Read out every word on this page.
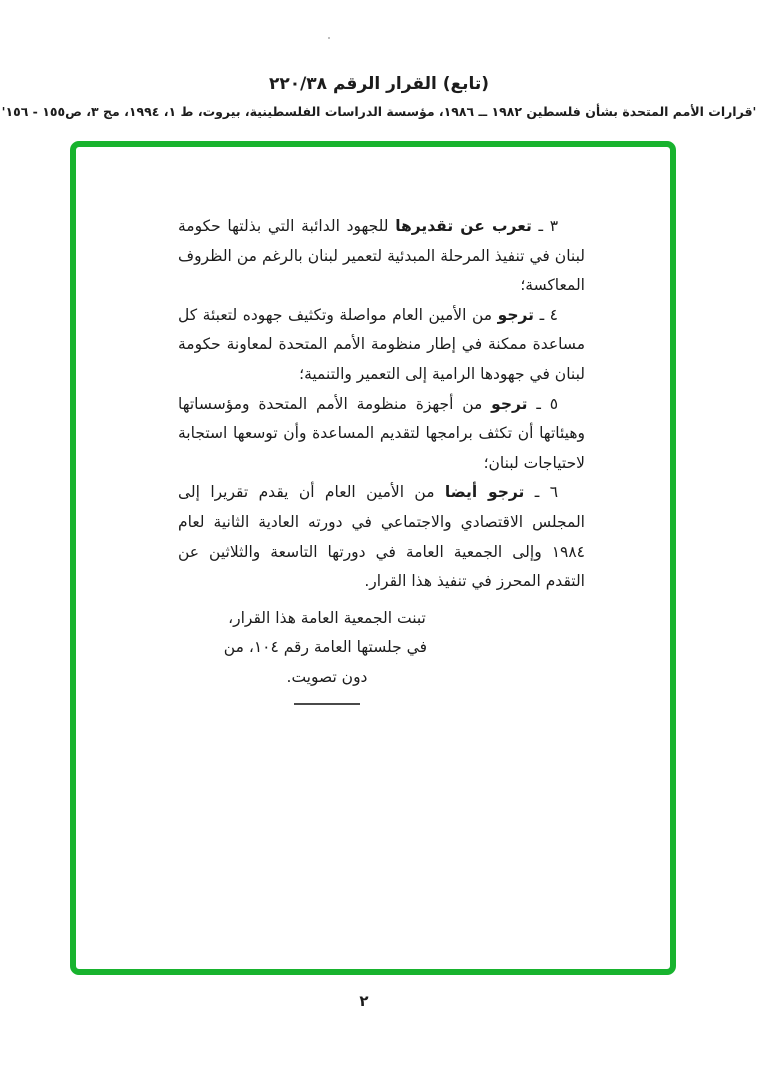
(تابع) القرار الرقم ٢٢٠/٣٨
'قرارات الأمم المتحدة بشأن فلسطين ١٩٨٢ ــ ١٩٨٦، مؤسسة الدراسات الفلسطينية، بيروت، ط ١، ١٩٩٤، مج ٣، ص١٥٥ - ١٥٦'

٣ ـ تعرب عن تقديرها للجهود الدائبة التي بذلتها حكومة لبنان في تنفيذ المرحلة المبدئية لتعمير لبنان بالرغم من الظروف المعاكسة؛

٤ ـ ترجو من الأمين العام مواصلة وتكثيف جهوده لتعبئة كل مساعدة ممكنة في إطار منظومة الأمم المتحدة لمعاونة حكومة لبنان في جهودها الرامية إلى التعمير والتنمية؛

٥ ـ ترجو من أجهزة منظومة الأمم المتحدة ومؤسساتها وهيئاتها أن تكثف برامجها لتقديم المساعدة وأن توسعها استجابة لاحتياجات لبنان؛

٦ ـ ترجو أيضا من الأمين العام أن يقدم تقريرا إلى المجلس الاقتصادي والاجتماعي في دورته العادية الثانية لعام ١٩٨٤ وإلى الجمعية العامة في دورتها التاسعة والثلاثين عن التقدم المحرز في تنفيذ هذا القرار.

تبنت الجمعية العامة هذا القرار،
في جلستها العامة رقم ١٠٤، من
دون تصويت.
٢
